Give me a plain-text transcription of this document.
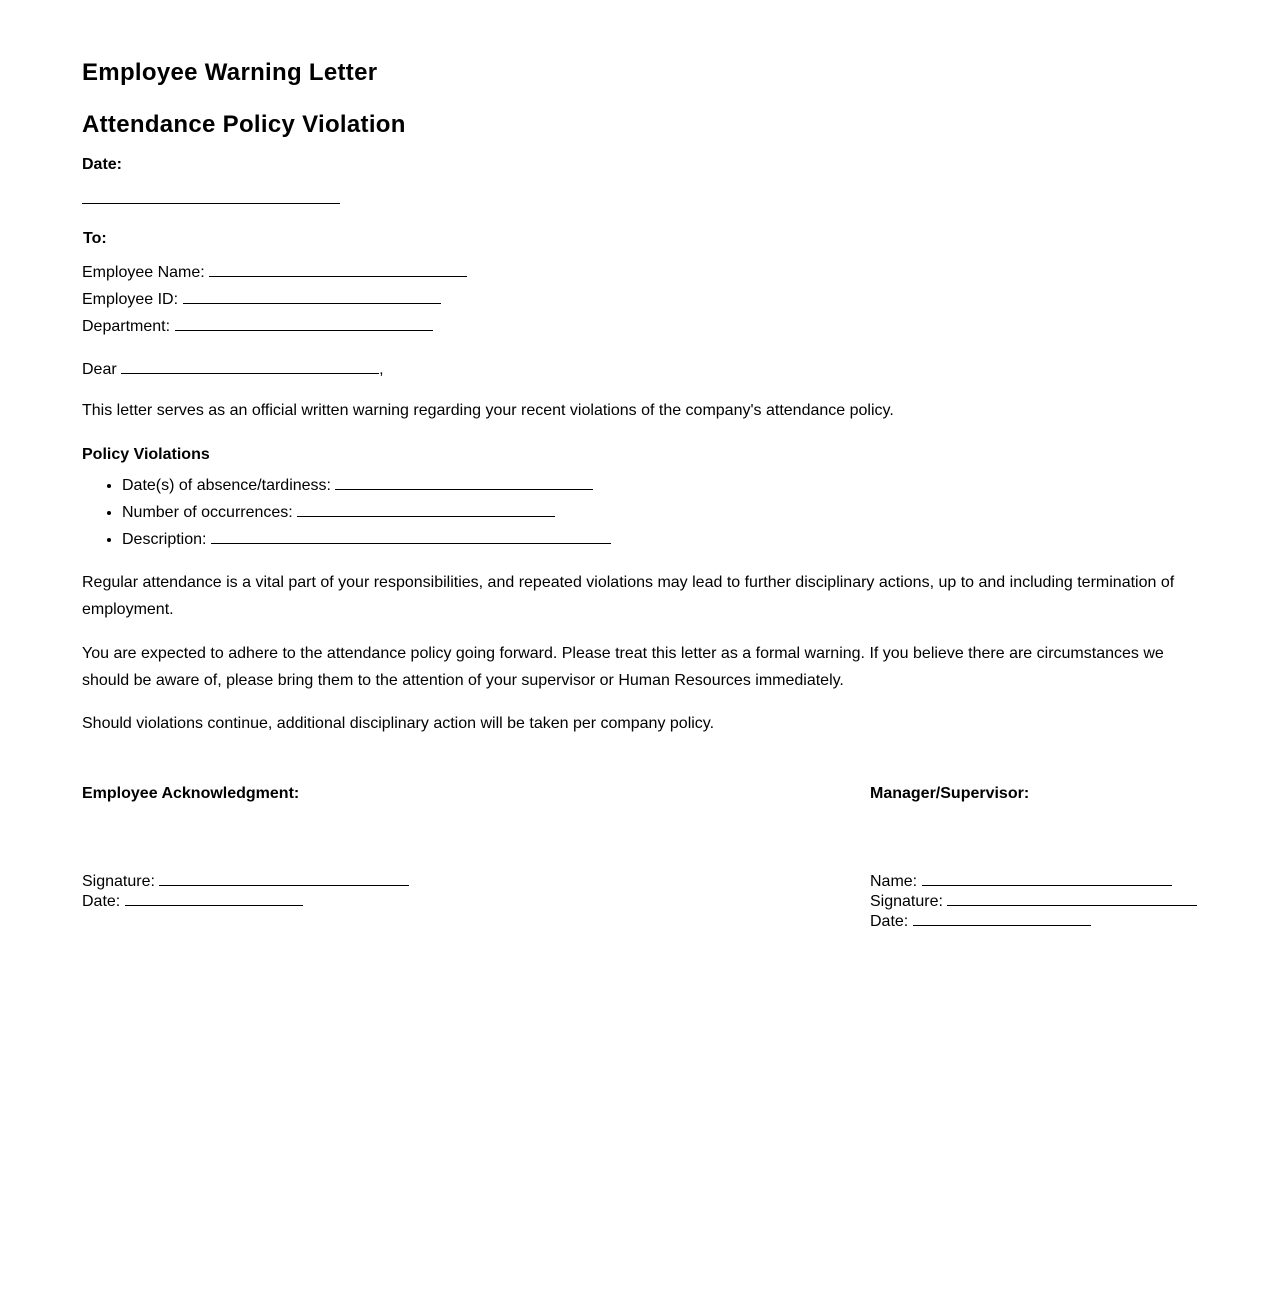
Employee Warning Letter
Attendance Policy Violation
Date:
To:
Employee Name:
Employee ID:
Department:
Dear	,
This letter serves as an official written warning regarding your recent violations of the company's attendance policy.
Policy Violations
• Date(s) of absence/tardiness:
• Number of occurrences:
• Description:

Regular attendance is a vital part of your responsibilities, and repeated violations may lead to further disciplinary actions, up to and including termination of employment.

You are expected to adhere to the attendance policy going forward. Please treat this letter as a formal warning. If you believe there are circumstances we should be aware of, please bring them to the attention of your supervisor or Human Resources immediately.

Should violations continue, additional disciplinary action will be taken per company policy.

Employee Acknowledgment:
Signature:
Date:
Manager/Supervisor:
Name:
Signature:
Date:
